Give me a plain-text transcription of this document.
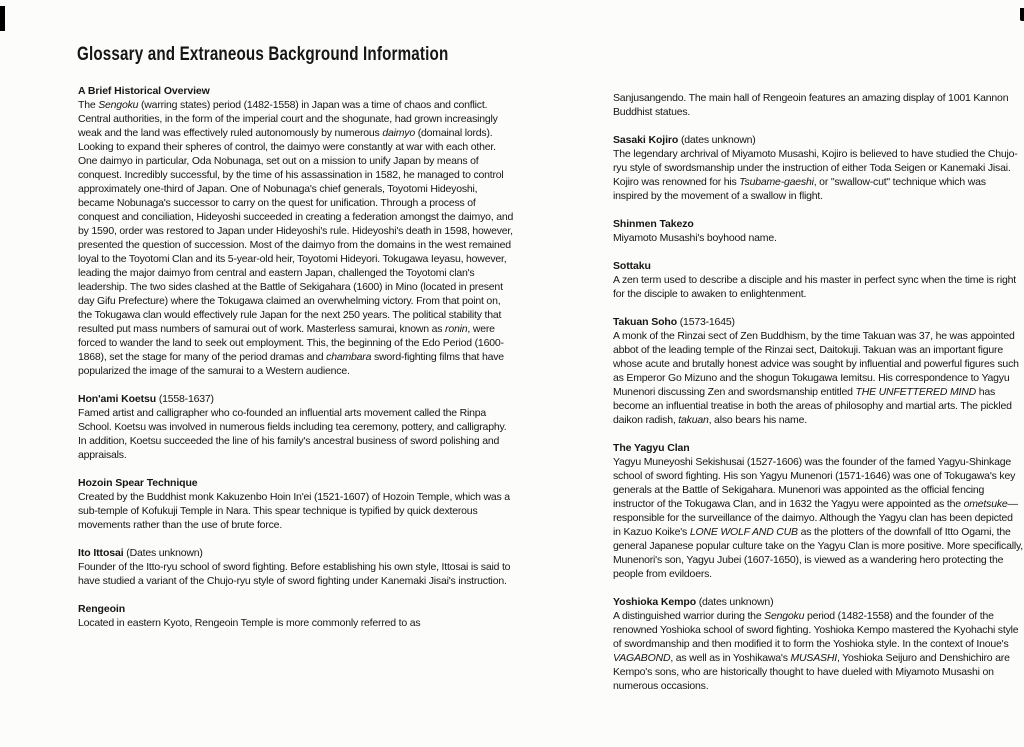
Glossary and Extraneous Background Information
A Brief Historical Overview

The Sengoku (warring states) period (1482-1558) in Japan was a time of chaos and conflict. Central authorities, in the form of the imperial court and the shogunate, had grown increasingly weak and the land was effectively ruled autonomously by numerous daimyo (domainal lords). Looking to expand their spheres of control, the daimyo were constantly at war with each other. One daimyo in particular, Oda Nobunaga, set out on a mission to unify Japan by means of conquest. Incredibly successful, by the time of his assassination in 1582, he managed to control approximately one-third of Japan. One of Nobunaga's chief generals, Toyotomi Hideyoshi, became Nobunaga's successor to carry on the quest for unification. Through a process of conquest and conciliation, Hideyoshi succeeded in creating a federation amongst the daimyo, and by 1590, order was restored to Japan under Hideyoshi's rule. Hideyoshi's death in 1598, however, presented the question of succession. Most of the daimyo from the domains in the west remained loyal to the Toyotomi Clan and its 5-year-old heir, Toyotomi Hideyori. Tokugawa Ieyasu, however, leading the major daimyo from central and eastern Japan, challenged the Toyotomi clan's leadership. The two sides clashed at the Battle of Sekigahara (1600) in Mino (located in present day Gifu Prefecture) where the Tokugawa claimed an overwhelming victory. From that point on, the Tokugawa clan would effectively rule Japan for the next 250 years. The political stability that resulted put mass numbers of samurai out of work. Masterless samurai, known as ronin, were forced to wander the land to seek out employment. This, the beginning of the Edo Period (1600-1868), set the stage for many of the period dramas and chambara sword-fighting films that have popularized the image of the samurai to a Western audience.

Hon'ami Koetsu (1558-1637)

Famed artist and calligrapher who co-founded an influential arts movement called the Rinpa School. Koetsu was involved in numerous fields including tea ceremony, pottery, and calligraphy. In addition, Koetsu succeeded the line of his family's ancestral business of sword polishing and appraisals.

Hozoin Spear Technique

Created by the Buddhist monk Kakuzenbo Hoin In'ei (1521-1607) of Hozoin Temple, which was a sub-temple of Kofukuji Temple in Nara. This spear technique is typified by quick dexterous movements rather than the use of brute force.

Ito Ittosai (Dates unknown)

Founder of the Itto-ryu school of sword fighting. Before establishing his own style, Ittosai is said to have studied a variant of the Chujo-ryu style of sword fighting under Kanemaki Jisai's instruction.

Rengeoin

Located in eastern Kyoto, Rengeoin Temple is more commonly referred to as

Sanjusangendo. The main hall of Rengeoin features an amazing display of 1001 Kannon Buddhist statues.

Sasaki Kojiro (dates unknown)

The legendary archrival of Miyamoto Musashi, Kojiro is believed to have studied the Chujo-ryu style of swordsmanship under the instruction of either Toda Seigen or Kanemaki Jisai. Kojiro was renowned for his Tsubame-gaeshi, or "swallow-cut" technique which was inspired by the movement of a swallow in flight.

Shinmen Takezo

Miyamoto Musashi's boyhood name.

Sottaku

A zen term used to describe a disciple and his master in perfect sync when the time is right for the disciple to awaken to enlightenment.

Takuan Soho (1573-1645)

A monk of the Rinzai sect of Zen Buddhism, by the time Takuan was 37, he was appointed abbot of the leading temple of the Rinzai sect, Daitokuji. Takuan was an important figure whose acute and brutally honest advice was sought by influential and powerful figures such as Emperor Go Mizuno and the shogun Tokugawa Iemitsu. His correspondence to Yagyu Munenori discussing Zen and swordsmanship entitled THE UNFETTERED MIND has become an influential treatise in both the areas of philosophy and martial arts. The pickled daikon radish, takuan, also bears his name.

The Yagyu Clan

Yagyu Muneyoshi Sekishusai (1527-1606) was the founder of the famed Yagyu-Shinkage school of sword fighting. His son Yagyu Munenori (1571-1646) was one of Tokugawa's key generals at the Battle of Sekigahara. Munenori was appointed as the official fencing instructor of the Tokugawa Clan, and in 1632 the Yagyu were appointed as the ometsuke—responsible for the surveillance of the daimyo. Although the Yagyu clan has been depicted in Kazuo Koike's LONE WOLF AND CUB as the plotters of the downfall of Itto Ogami, the general Japanese popular culture take on the Yagyu Clan is more positive. More specifically, Munenori's son, Yagyu Jubei (1607-1650), is viewed as a wandering hero protecting the people from evildoers.

Yoshioka Kempo (dates unknown)

A distinguished warrior during the Sengoku period (1482-1558) and the founder of the renowned Yoshioka school of sword fighting. Yoshioka Kempo mastered the Kyohachi style of swordmanship and then modified it to form the Yoshioka style. In the context of Inoue's VAGABOND, as well as in Yoshikawa's MUSASHI, Yoshioka Seijuro and Denshichiro are Kempo's sons, who are historically thought to have dueled with Miyamoto Musashi on numerous occasions.
